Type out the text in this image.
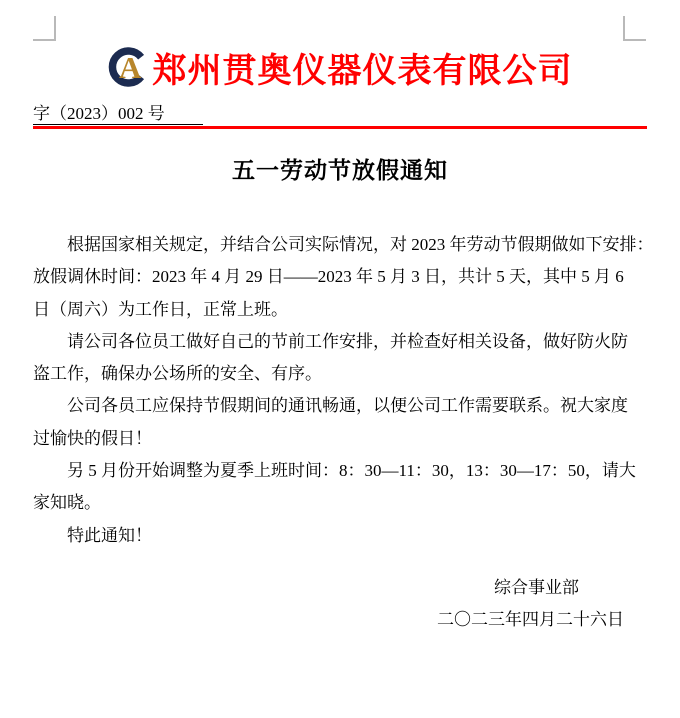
A 郑州贯奥仪器仪表有限公司
字（2023）002 号
五一劳动节放假通知
根据国家相关规定，并结合公司实际情况，对 2023 年劳动节假期做如下安排：
放假调休时间：2023 年 4 月 29 日——2023 年 5 月 3 日，共计 5 天，其中 5 月 6
日（周六）为工作日，正常上班。
请公司各位员工做好自己的节前工作安排，并检查好相关设备，做好防火防
盗工作，确保办公场所的安全、有序。
公司各员工应保持节假期间的通讯畅通，以便公司工作需要联系。祝大家度
过愉快的假日！
另 5 月份开始调整为夏季上班时间：8：30—11：30，13：30—17：50，请大
家知晓。
特此通知！
综合事业部
二〇二三年四月二十六日
